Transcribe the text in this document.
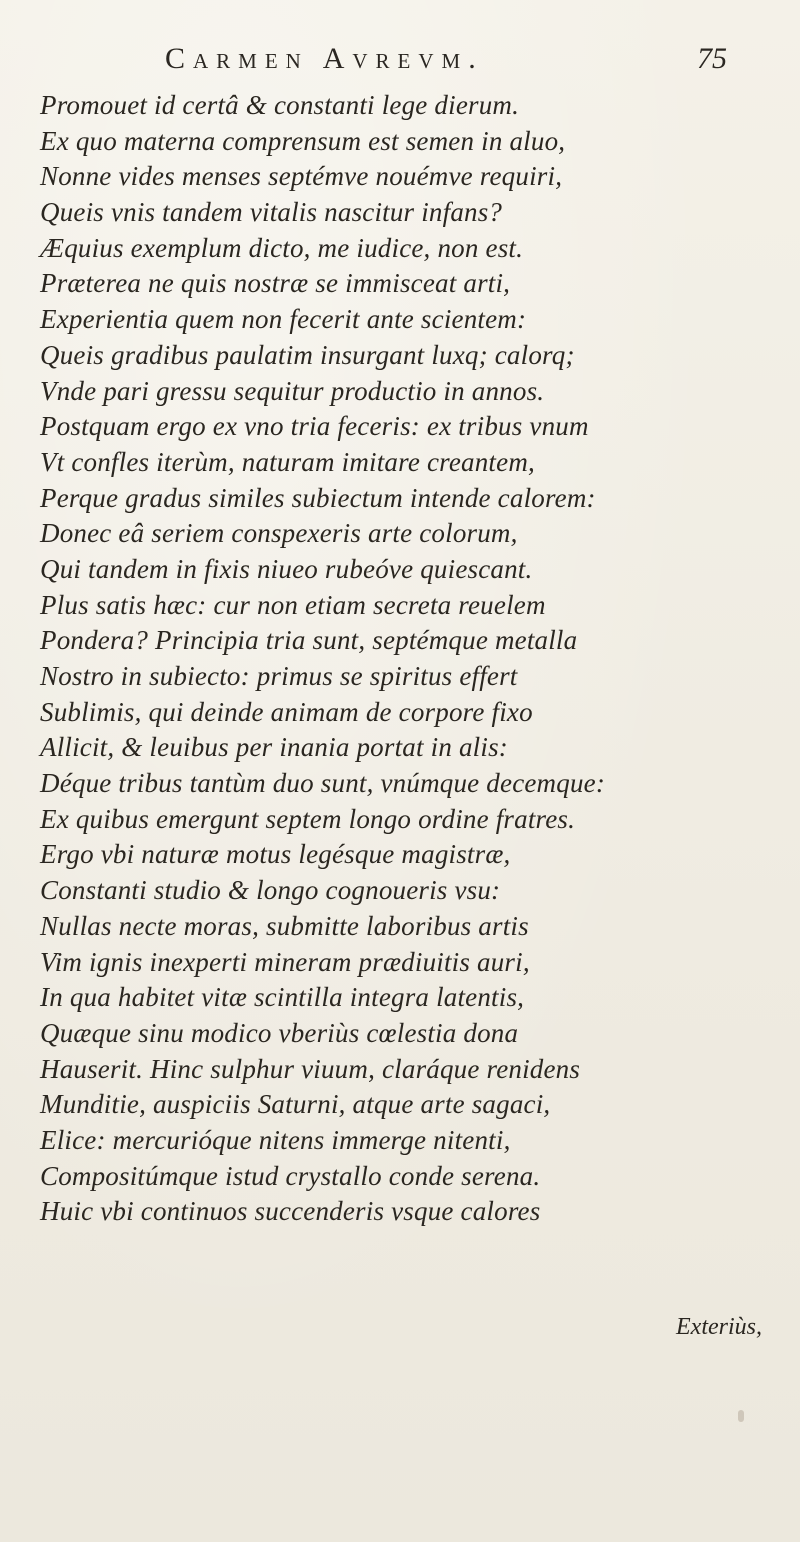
Carmen Avrevm.	75
Promouet id certâ & constanti lege dierum.
Ex quo materna comprensum est semen in aluo,
Nonne vides menses septémve nouémve requiri,
Queis vnis tandem vitalis nascitur infans?
Æquius exemplum dicto, me iudice, non est.
Præterea ne quis nostræ se immisceat arti,
Experientia quem non fecerit ante scientem:
Queis gradibus paulatim insurgant luxq; calorq;
Vnde pari gressu sequitur productio in annos.
Postquam ergo ex vno tria feceris: ex tribus vnum
Vt confles iterùm, naturam imitare creantem,
Perque gradus similes subiectum intende calorem:
Donec eâ seriem conspexeris arte colorum,
Qui tandem in fixis niueo rubeóve quiescant.
Plus satis hæc: cur non etiam secreta reuelem
Pondera? Principia tria sunt, septémque metalla
Nostro in subiecto: primus se spiritus effert
Sublimis, qui deinde animam de corpore fixo
Allicit, & leuibus per inania portat in alis:
Déque tribus tantùm duo sunt, vnúmque decemque:
Ex quibus emergunt septem longo ordine fratres.
Ergo vbi naturæ motus legésque magistræ,
Constanti studio & longo cognoueris vsu:
Nullas necte moras, submitte laboribus artis
Vim ignis inexperti mineram prædiuitis auri,
In qua habitet vitæ scintilla integra latentis,
Quæque sinu modico vberiùs cœlestia dona
Hauserit. Hinc sulphur viuum, claráque renidens
Munditie, auspiciis Saturni, atque arte sagaci,
Elice: mercurióque nitens immerge nitenti,
Compositúmque istud crystallo conde serena.
Huic vbi continuos succenderis vsque calores
Exteriùs,
